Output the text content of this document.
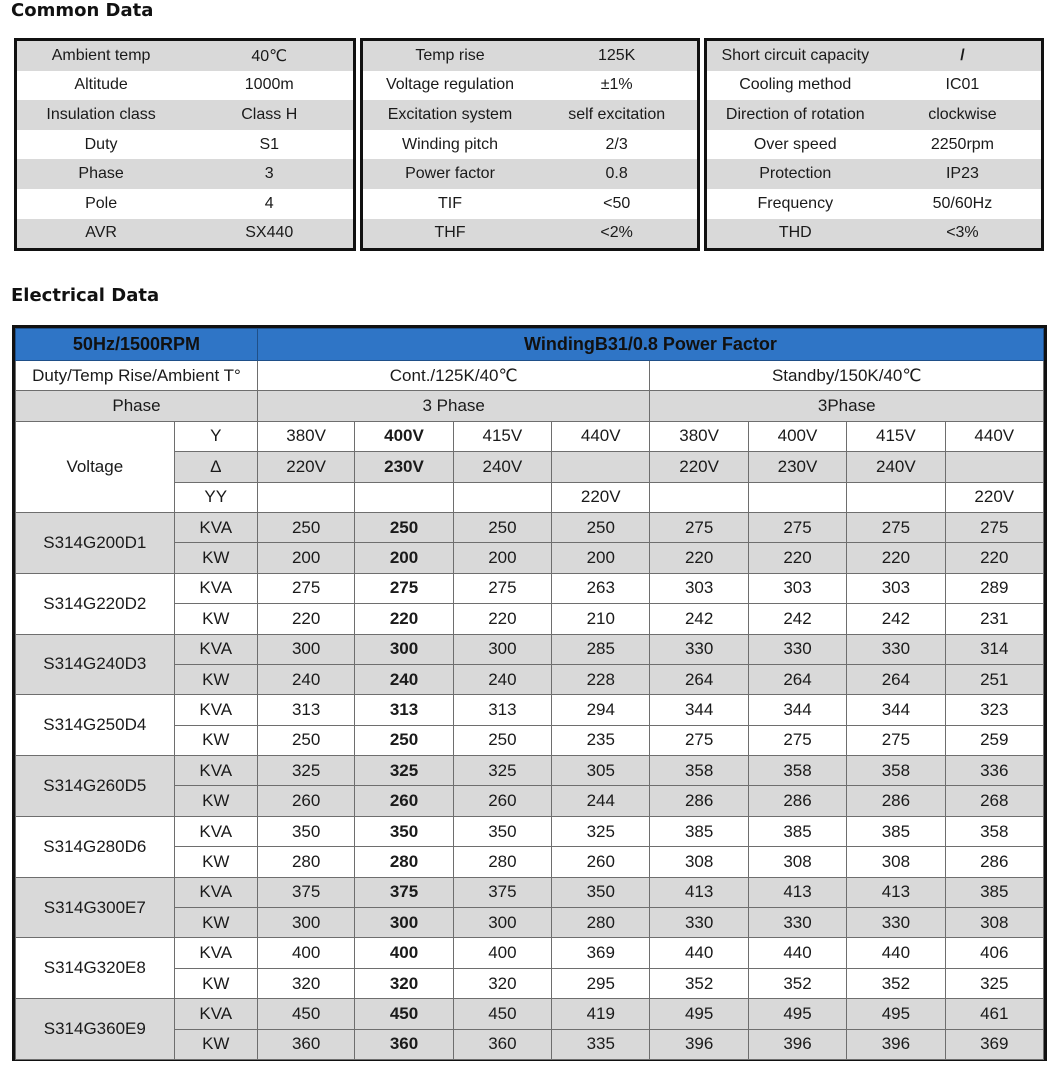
Common Data
Ambient temp	40℃
Altitude	1000m
Insulation class	Class H
Duty	S1
Phase	3
Pole	4
AVR	SX440
Temp rise	125K
Voltage regulation	±1%
Excitation system	self excitation
Winding pitch	2/3
Power factor	0.8
TIF	<50
THF	<2%
Short circuit capacity	/
Cooling method	IC01
Direction of rotation	clockwise
Over speed	2250rpm
Protection	IP23
Frequency	50/60Hz
THD	<3%
Electrical Data
50Hz/1500RPM		WindingB31/0.8 Power Factor							
Duty/Temp Rise/Ambient T°		Cont./125K/40℃				Standby/150K/40℃			
Phase		3 Phase				3Phase			
Voltage	Y	380V	400V	415V	440V	380V	400V	415V	440V
	Δ	220V	230V	240V		220V	230V	240V	
	YY				220V				220V
S314G200D1	KVA	250	250	250	250	275	275	275	275
	KW	200	200	200	200	220	220	220	220
S314G220D2	KVA	275	275	275	263	303	303	303	289
	KW	220	220	220	210	242	242	242	231
S314G240D3	KVA	300	300	300	285	330	330	330	314
	KW	240	240	240	228	264	264	264	251
S314G250D4	KVA	313	313	313	294	344	344	344	323
	KW	250	250	250	235	275	275	275	259
S314G260D5	KVA	325	325	325	305	358	358	358	336
	KW	260	260	260	244	286	286	286	268
S314G280D6	KVA	350	350	350	325	385	385	385	358
	KW	280	280	280	260	308	308	308	286
S314G300E7	KVA	375	375	375	350	413	413	413	385
	KW	300	300	300	280	330	330	330	308
S314G320E8	KVA	400	400	400	369	440	440	440	406
	KW	320	320	320	295	352	352	352	325
S314G360E9	KVA	450	450	450	419	495	495	495	461
	KW	360	360	360	335	396	396	396	369
